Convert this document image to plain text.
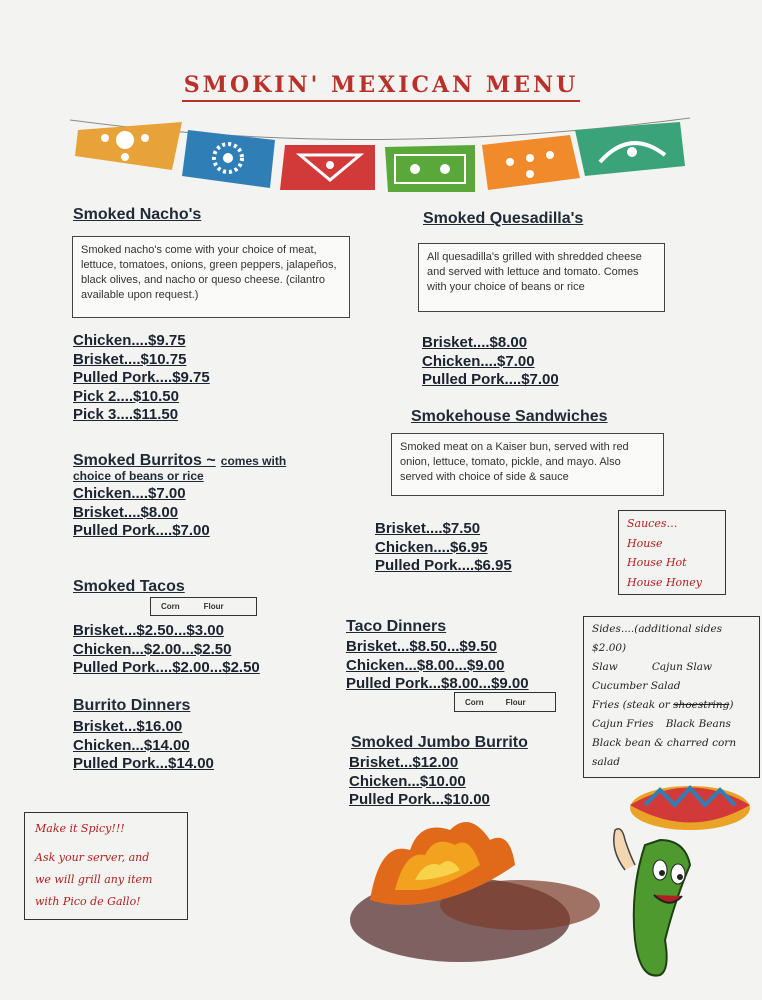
SMOKIN' MEXICAN MENU
Smoked Nacho's
Smoked nacho's come with your choice of meat, lettuce, tomatoes, onions, green peppers, jalapeños, black olives, and nacho or queso cheese. (cilantro available upon request.)
Chicken....$9.75
Brisket....$10.75
Pulled Pork....$9.75
Pick 2....$10.50
Pick 3....$11.50
Smoked Quesadilla's
All quesadilla's grilled with shredded cheese and served with lettuce and tomato. Comes with your choice of beans or rice
Brisket....$8.00
Chicken....$7.00
Pulled Pork....$7.00
Smoked Burritos ~ comes with
choice of beans or rice
Chicken....$7.00
Brisket....$8.00
Pulled Pork....$7.00
Smokehouse Sandwiches
Smoked meat on a Kaiser bun, served with red onion, lettuce, tomato, pickle, and mayo. Also served with choice of side & sauce
Brisket....$7.50
Chicken....$6.95
Pulled Pork....$6.95
Sauces…
House
House Hot
House Honey
Smoked Tacos
Corn	Flour
Brisket...$2.50...$3.00
Chicken...$2.00...$2.50
Pulled Pork....$2.00...$2.50
Taco Dinners
Brisket...$8.50...$9.50
Chicken...$8.00...$9.00
Pulled Pork...$8.00...$9.00
Corn	Flour
Sides....(additional sides
$2.00)
Slaw	Cajun Slaw
Cucumber Salad
Fries (steak or shoestring)
Cajun Fries Black Beans
Black bean & charred corn
salad
Burrito Dinners
Brisket...$16.00
Chicken...$14.00
Pulled Pork...$14.00
Smoked Jumbo Burrito
Brisket...$12.00
Chicken...$10.00
Pulled Pork...$10.00
Make it Spicy!!!
Ask your server, and
we will grill any item
with Pico de Gallo!
